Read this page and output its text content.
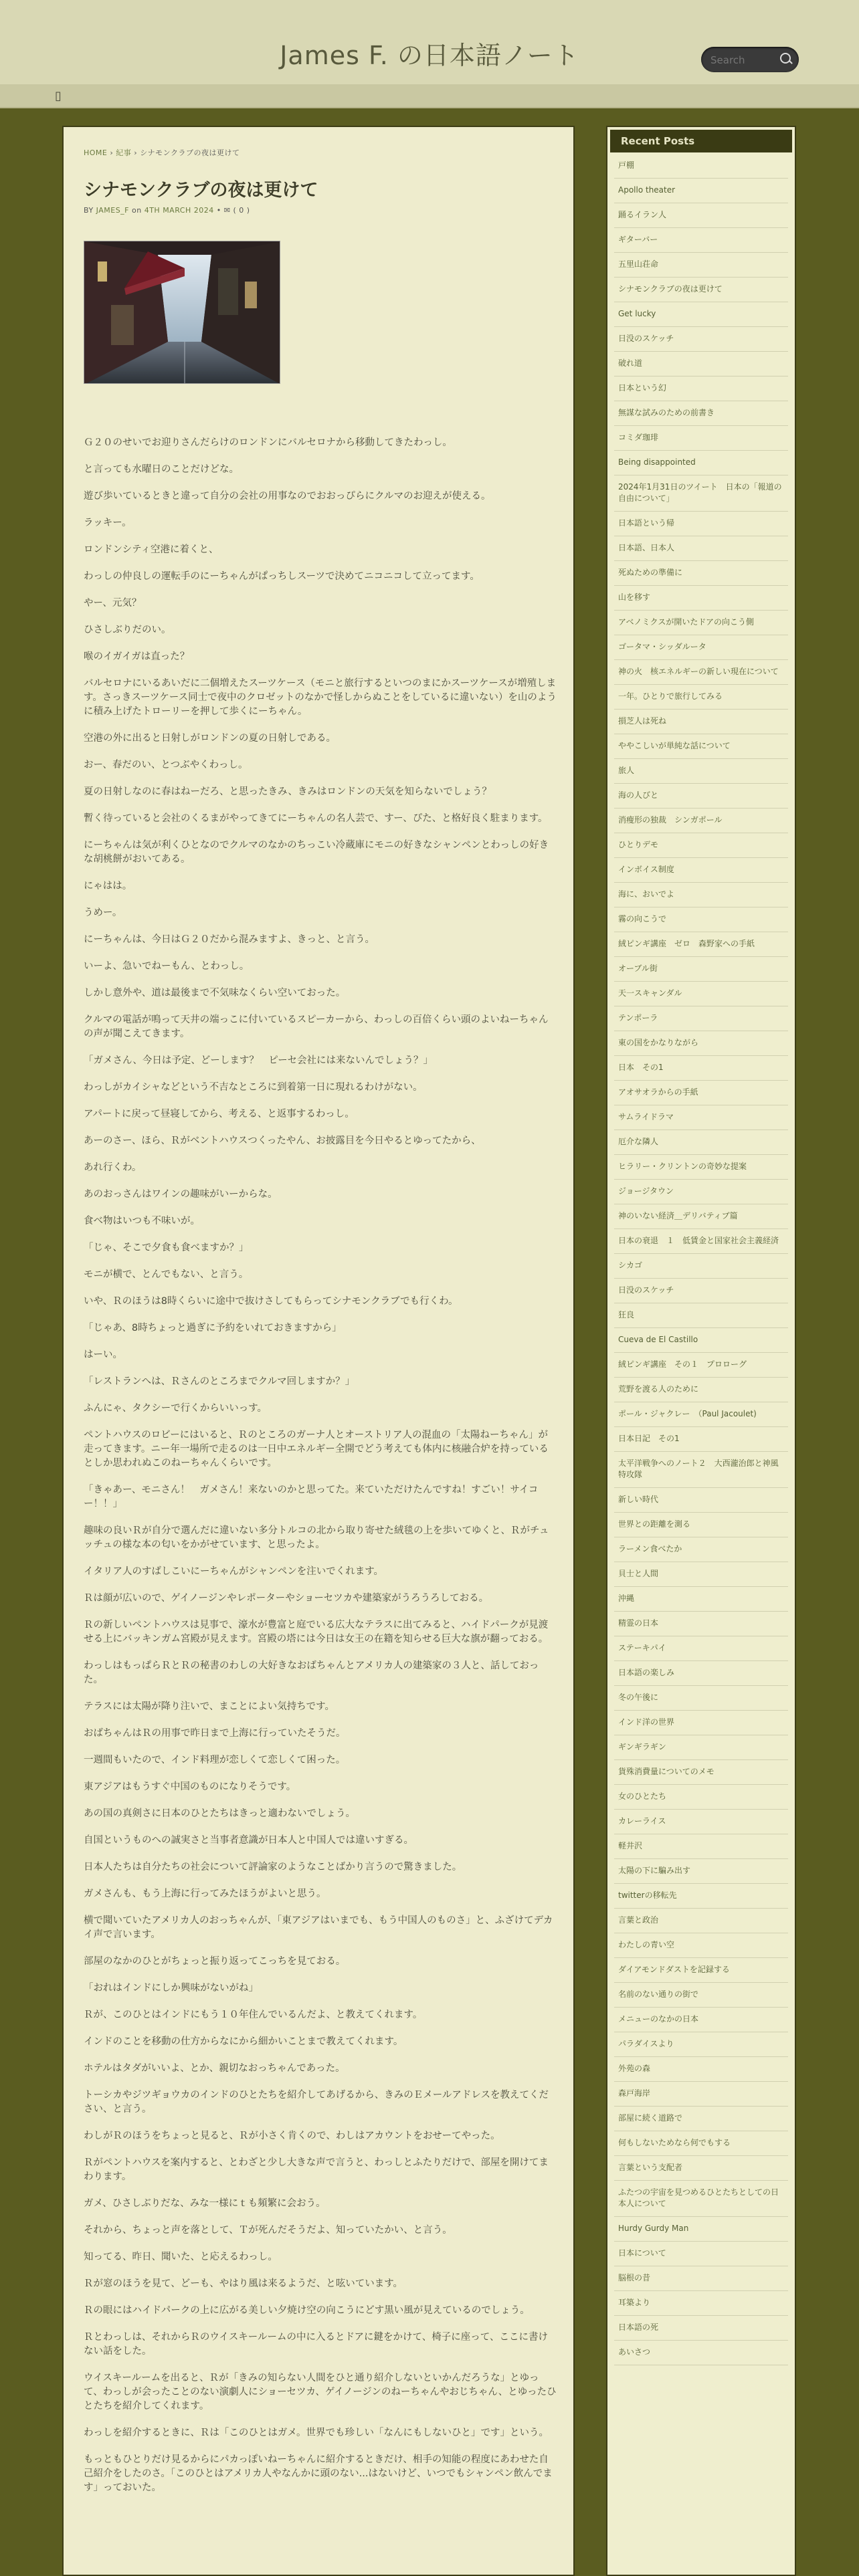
James F. の日本語ノート
Search
▯
HOME › 紀事 › シナモンクラブの夜は更けて
シナモンクラブの夜は更けて
BY JAMES_F on 4TH MARCH 2024 • ✉ ( 0 )

Ｇ２０のせいでお迎りさんだらけのロンドンにバルセロナから移動してきたわっし。

と言っても水曜日のことだけどな。

遊び歩いているときと違って自分の会社の用事なのでおおっぴらにクルマのお迎えが使える。

ラッキー。

ロンドンシティ空港に着くと、

わっしの仲良しの運転手のにーちゃんがぱっちしスーツで決めてニコニコして立ってます。

やー、元気？

ひさしぶりだのい。

喉のイガイガは直った？

バルセロナにいるあいだに二個増えたスーツケース（モニと旅行するといつのまにかスーツケースが増殖します。さっきスーツケース同士で夜中のクロゼットのなかで怪しからぬことをしているに違いない）を山のように積み上げたトローリーを押して歩くにーちゃん。

空港の外に出ると日射しがロンドンの夏の日射しである。

おー、春だのい、とつぶやくわっし。

夏の日射しなのに春はねーだろ、と思ったきみ、きみはロンドンの天気を知らないでしょう？

暫く待っていると会社のくるまがやってきてにーちゃんの名人芸で、すー、ぴた、と格好良く駐まります。

にーちゃんは気が利くひとなのでクルマのなかのちっこい冷蔵庫にモニの好きなシャンペンとわっしの好きな胡桃餅がおいてある。

にゃはは。

うめー。

にーちゃんは、今日はＧ２０だから混みますよ、きっと、と言う。

いーよ、急いでねーもん、とわっし。

しかし意外や、道は最後まで不気味なくらい空いておった。

クルマの電話が鳴って天井の端っこに付いているスピーカーから、わっしの百倍くらい頭のよいねーちゃんの声が聞こえてきます。

「ガメさん、今日は予定、どーします？　ピーセ会社には来ないんでしょう？」

わっしがカイシャなどという不吉なところに到着第一日に現れるわけがない。

アパートに戻って昼寝してから、考える、と返事するわっし。

あーのさー、ほら、Ｒがベントハウスつくったやん、お披露目を今日やるとゆってたから、

あれ行くわ。

あのおっさんはワインの趣味がいーからな。

食べ物はいつも不味いが。

「じゃ、そこで夕食も食べますか？」

モニが横で、とんでもない、と言う。

いや、Ｒのほうは8時くらいに途中で抜けさしてもらってシナモンクラブでも行くわ。

「じゃあ、8時ちょっと過ぎに予約をいれておきますから」

はーい。

「レストランへは、Ｒさんのところまでクルマ回しますか？」

ふんにゃ、タクシーで行くからいいっす。

ペントハウスのロビーにはいると、Ｒのところのガーナ人とオーストリア人の混血の「太陽ねーちゃん」が走ってきます。ニー年一場所で走るのは一日中エネルギー全開でどう考えても体内に核融合炉を持っているとしか思われぬこのねーちゃんくらいです。

「きゃあー、モニさん！　ガメさん！来ないのかと思ってた。来ていただけたんですね！すごい！サイコー！！」

趣味の良いＲが自分で選んだに違いない多分トルコの北から取り寄せた絨毯の上を歩いてゆくと、Ｒがチュッチュの様な本の匂いをかがせています、と思ったよ。

イタリア人のすばしこいにーちゃんがシャンペンを注いでくれます。

Ｒは顔が広いので、ゲイノージンやレポーターやショーセツカや建築家がうろうろしておる。

Ｒの新しいペントハウスは見事で、濠水が豊富と庭でいる広大なテラスに出てみると、ハイドパークが見渡せる上にバッキンガム宮殿が見えます。宮殿の塔には今日は女王の在籍を知らせる巨大な旗が翻っておる。

わっしはもっぱらＲとＲの秘書のわしの大好きなおばちゃんとアメリカ人の建築家の３人と、話しておった。

テラスには太陽が降り注いで、まことによい気持ちです。

おばちゃんはＲの用事で昨日まで上海に行っていたそうだ。

一週間もいたので、インド料理が恋しくて恋しくて困った。

東アジアはもうすぐ中国のものになりそうです。

あの国の真剣さに日本のひとたちはきっと適わないでしょう。

自国というものへの誠実さと当事者意識が日本人と中国人では違いすぎる。

日本人たちは自分たちの社会について評論家のようなことばかり言うので驚きました。

ガメさんも、もう上海に行ってみたほうがよいと思う。

横で聞いていたアメリカ人のおっちゃんが、「東アジアはいまでも、もう中国人のものさ」と、ふざけてデカイ声で言います。

部屋のなかのひとがちょっと振り返ってこっちを見ておる。

「おれはインドにしか興味がないがね」

Ｒが、このひとはインドにもう１０年住んでいるんだよ、と教えてくれます。

インドのことを移動の仕方からなにから細かいことまで教えてくれます。

ホテルはタダがいいよ、とか、親切なおっちゃんであった。

トーシカやジツギョウカのインドのひとたちを紹介してあげるから、きみのＥメールアドレスを教えてください、と言う。

わしがＲのほうをちょっと見ると、Ｒが小さく肯くので、わしはアカウントをおせーてやった。

Ｒがペントハウスを案内すると、とわざと少し大きな声で言うと、わっしとふたりだけで、部屋を開けてまわります。

ガメ、ひさしぶりだな、みな一様にｔも頻繁に会おう。

それから、ちょっと声を落として、Ｔが死んだそうだよ、知っていたかい、と言う。

知ってる、昨日、聞いた、と応えるわっし。

Ｒが窓のほうを見て、どーも、やはり風は来るようだ、と呟いています。

Ｒの眼にはハイドパークの上に広がる美しい夕焼け空の向こうにどす黒い風が見えているのでしょう。

Ｒとわっしは、それからＲのウイスキールームの中に入るとドアに鍵をかけて、椅子に座って、ここに書けない話をした。

ウイスキールームを出ると、Ｒが「きみの知らない人間をひと通り紹介しないといかんだろうな」とゆって、わっしが会ったことのない演劇人にショーセツカ、ゲイノージンのねーちゃんやおじちゃん、とゆったひとたちを紹介してくれます。

わっしを紹介するときに、Ｒは「このひとはガメ。世界でも珍しい「なんにもしないひと」です」という。

もっともひとりだけ見るからにパカっぽいねーちゃんに紹介するときだけ、相手の知能の程度にあわせた自己紹介をしたのさ。「このひとはアメリカ人やなんかに頭のない...はないけど、いつでもシャンペン飲んでます」っておいた。

Recent Posts
戸棚
Apollo theater
踊るイラン人
ギターバー
五里山荘命
シナモンクラブの夜は更けて
Get lucky
日没のスケッチ
破れ道
日本という幻
無謀な試みのための前書き
コミダ珈琲
Being disappointed
2024年1月31日のツイート　日本の「報道の自由について」
日本語という帰
日本語、日本人
死ぬための準備に
山を移す
アベノミクスが開いたドアの向こう側
ゴータマ・シッダルータ
神の火　核エネルギーの新しい現在について
一年。ひとりで旅行してみる
損芝人は死ね
ややこしいが単純な話について
旅人
海の人びと
消瘦形の独裁　シンガポール
ひとりデモ
インボイス制度
海に、おいでよ
霧の向こうで
絨ピンギ講座　ゼロ　森野家への手紙
オーブル街
天一スキャンダル
テンポーラ
東の国をかなりながら
日本　その1
アオサオラからの手紙
サムライドラマ
厄介な隣人
ヒラリー・クリントンの奇妙な提案
ジョージタウン
神のいない経済＿デリバティブ篇
日本の衰退　１　低賃金と国家社会主義経済
シカゴ
日没のスケッチ
狂良
Cueva de El Castillo
絨ピンギ講座　その１　プロローグ
荒野を渡る人のために
ポール・ジャクレー　（Paul Jacoulet)
日本日記　その1
太平洋戦争へのノート２　大西瀧治郎と神風特攻隊
新しい時代
世界との距離を測る
ラーメン食べたか
貝士と人間
沖縄
精霊の日本
ステーキパイ
日本語の楽しみ
冬の午後に
インド洋の世界
ギンギラギン
貨殊消費量についてのメモ
女のひとたち
カレーライス
軽井沢
太陽の下に騙み出す
twitterの移転先
言葉と政治
わたしの青い空
ダイアモンドダストを記録する
名前のない通りの街で
メニューのなかの日本
パラダイスより
外苑の森
森戸海岸
部屋に続く道路で
何もしないためなら何でもする
言葉という支配者
ふたつの宇宙を見つめるひとたちとしての日本人について
Hurdy Gurdy Man
日本について
脳根の昔
耳築より
日本語の死
あいさつ
